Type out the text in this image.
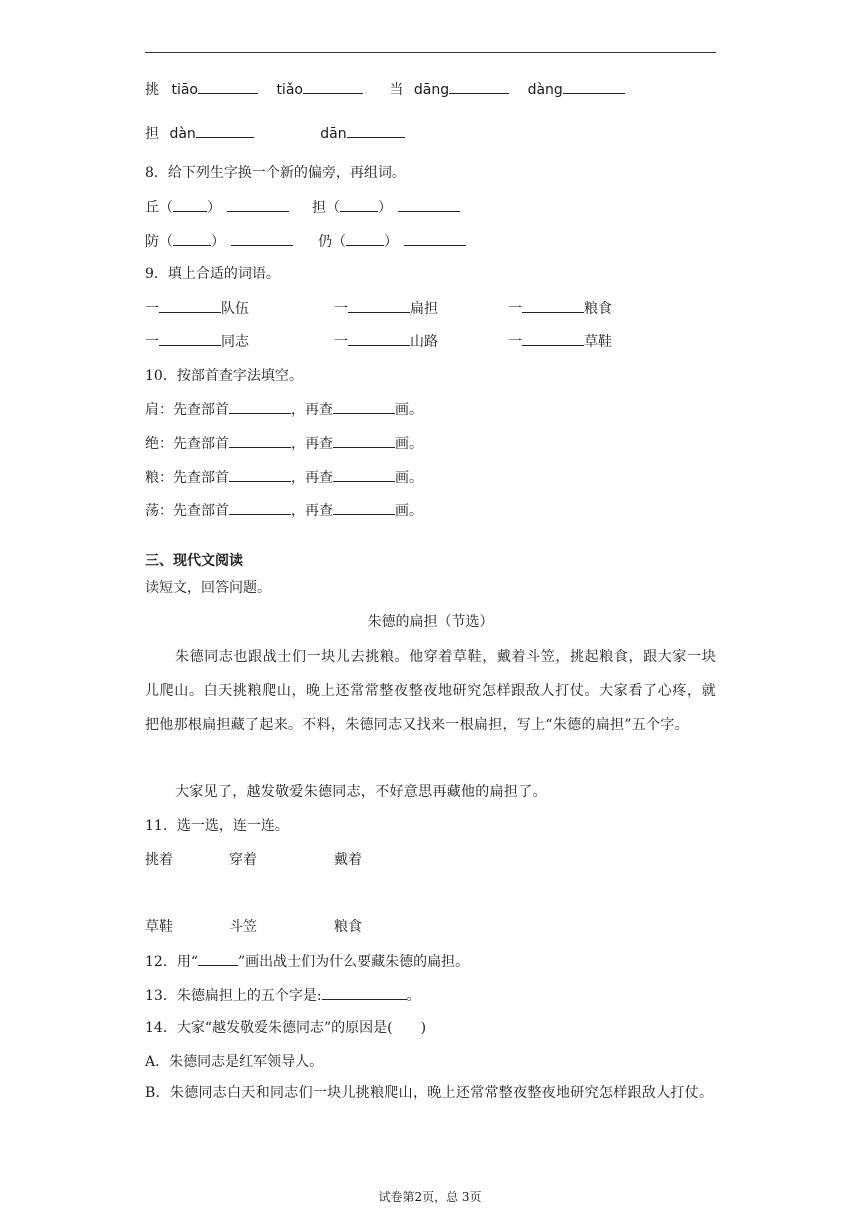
挑 tiāo	tiǎo	当 dāng	dàng
担 dàn	dān
8．给下列生字换一个新的偏旁，再组词。
丘（ ）	担（	）
防（	）	仍（	）
9．填上合适的词语。
一	队伍	一	扁担	一	粮食
一	同志	一	山路	一	草鞋
10．按部首查字法填空。
肩：先查部首	，再查	画。
绝：先查部首	，再查	画。
粮：先查部首	，再查	画。
荡：先查部首	，再查	画。
三、现代文阅读
读短文，回答问题。
朱德的扁担（节选）
朱德同志也跟战士们一块儿去挑粮。他穿着草鞋，戴着斗笠，挑起粮食，跟大家一块儿爬山。白天挑粮爬山，晚上还常常整夜整夜地研究怎样跟敌人打仗。大家看了心疼，就把他那根扁担藏了起来。不料，朱德同志又找来一根扁担，写上“朱德的扁担”五个字。
大家见了，越发敬爱朱德同志，不好意思再藏他的扁担了。
11．选一选，连一连。
挑着	穿着	戴着
草鞋	斗笠	粮食
12．用“	”画出战士们为什么要藏朱德的扁担。
13．朱德扁担上的五个字是:	。
14．大家“越发敬爱朱德同志”的原因是(　　)
A．朱德同志是红军领导人。
B．朱德同志白天和同志们一块儿挑粮爬山，晚上还常常整夜整夜地研究怎样跟敌人打仗。
试卷第2页，总 3页
